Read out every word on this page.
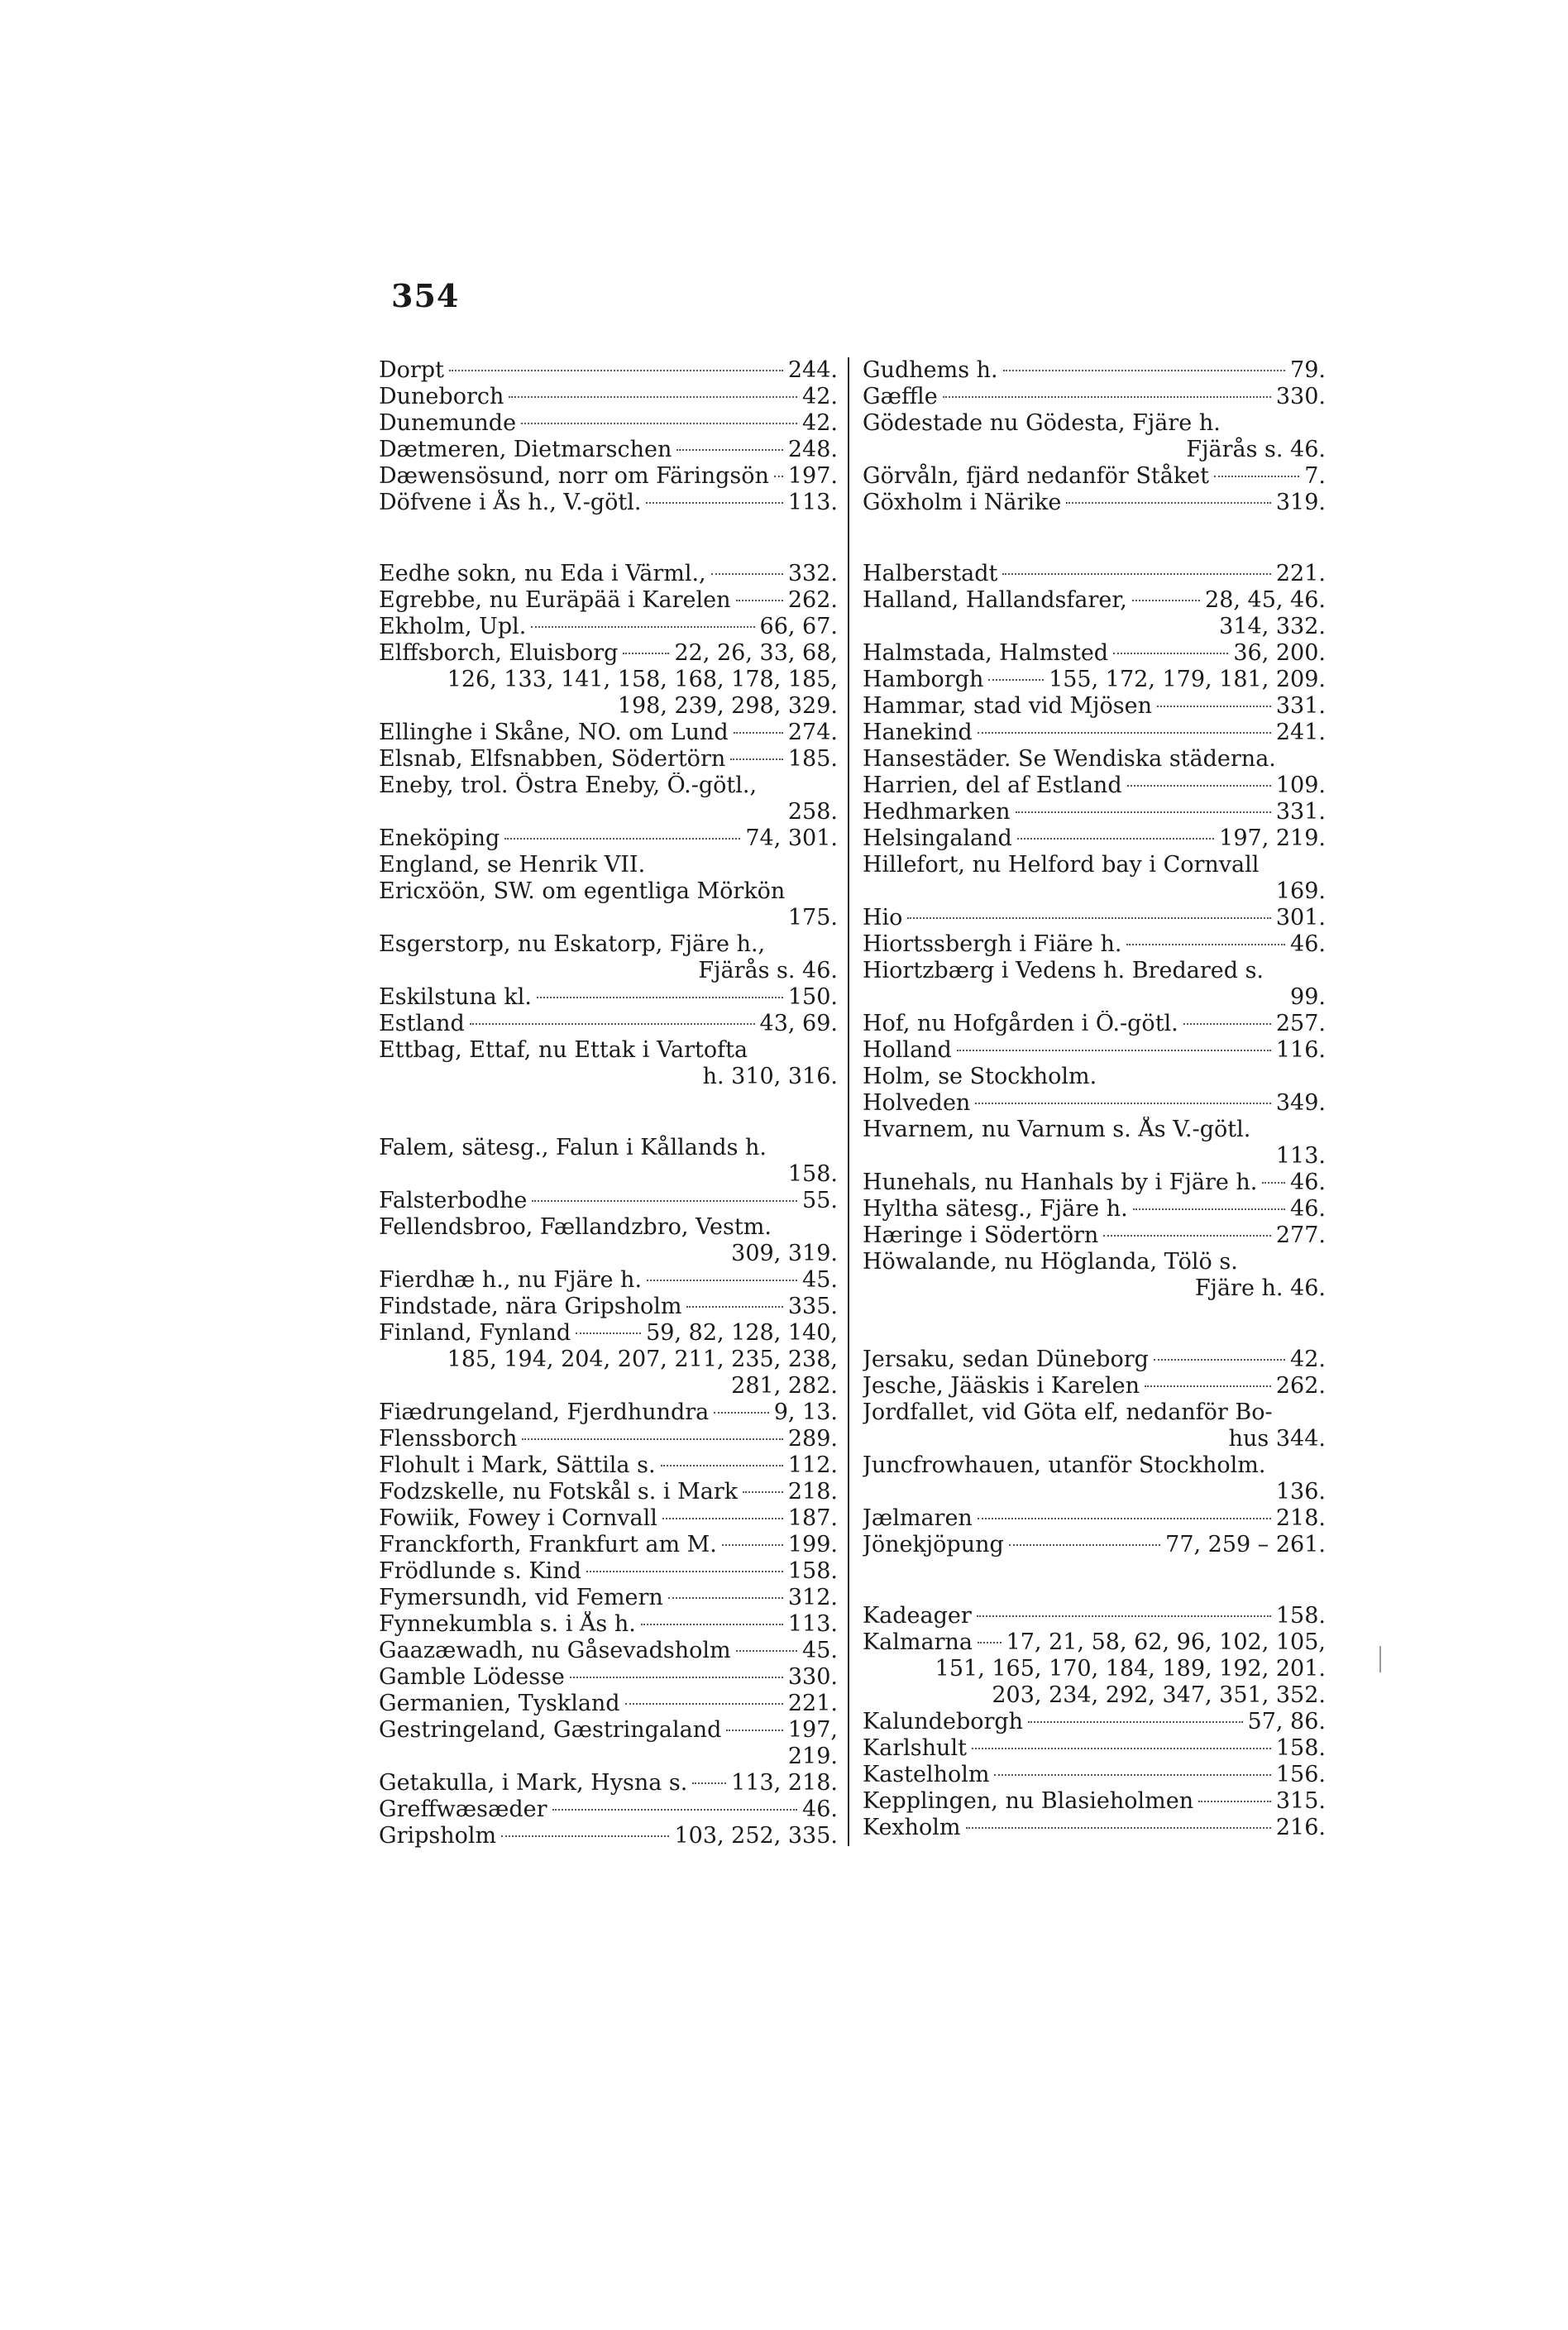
354
Dorpt	244.
Duneborch	42.
Dunemunde	42.
Dætmeren, Dietmarschen	248.
Dæwensösund, norr om Färingsön 197.
Döfvene i Ås h., V.-götl.	113.
Eedhe sokn, nu Eda i Värml.,	332.
Egrebbe, nu Euräpää i Karelen	262.
Ekholm, Upl.	66, 67.
Elffsborch, Eluisborg	22, 26, 33, 68,
126, 133, 141, 158, 168, 178, 185,
198, 239, 298, 329.
Ellinghe i Skåne, NO. om Lund	274.
Elsnab, Elfsnabben, Södertörn	185.
Eneby, trol. Östra Eneby, Ö.-götl.,
258.
Eneköping	74, 301.
England, se Henrik VII.
Ericxöön, SW. om egentliga Mörkön
175.
Esgerstorp, nu Eskatorp, Fjäre h.,
Fjärås s. 46.
Eskilstuna kl.	150.
Estland	43, 69.
Ettbag, Ettaf, nu Ettak i Vartofta
h. 310, 316.
Falem, sätesg., Falun i Kållands h.
158.
Falsterbodhe	55.
Fellendsbroo, Fællandzbro, Vestm.
309, 319.
Fierdhæ h., nu Fjäre h.	45.
Findstade, nära Gripsholm	335.
Finland, Fynland	59, 82, 128, 140,
185, 194, 204, 207, 211, 235, 238,
281, 282.
Fiædrungeland, Fjerdhundra	9, 13.
Flenssborch	289.
Flohult i Mark, Sättila s.	112.
Fodzskelle, nu Fotskål s. i Mark 218.
Fowiik, Fowey i Cornvall	187.
Franckforth, Frankfurt am M.	199.
Frödlunde s. Kind	158.
Fymersundh, vid Femern	312.
Fynnekumbla s. i Ås h.	113.
Gaazæwadh, nu Gåsevadsholm	45.
Gamble Lödesse	330.
Germanien, Tyskland	221.
Gestringeland, Gæstringaland	197,
219.
Getakulla, i Mark, Hysna s. 113, 218.
Greffwæsæder	46.
Gripsholm	103, 252, 335.
Gudhems h.	79.
Gæffle	330.
Gödestade nu Gödesta, Fjäre h.
Fjärås s. 46.
Görvåln, fjärd nedanför Ståket	7.
Göxholm i Närike	319.
Halberstadt	221.
Halland, Hallandsfarer,	28, 45, 46.
314, 332.
Halmstada, Halmsted	36, 200.
Hamborgh	155, 172, 179, 181, 209.
Hammar, stad vid Mjösen	331.
Hanekind	241.
Hansestäder. Se Wendiska städerna.
Harrien, del af Estland	109.
Hedhmarken	331.
Helsingaland	197, 219.
Hillefort, nu Helford bay i Cornvall
169.
Hio	301.
Hiortssbergh i Fiäre h.	46.
Hiortzbærg i Vedens h. Bredared s.
99.
Hof, nu Hofgården i Ö.-götl.	257.
Holland	116.
Holm, se Stockholm.
Holveden	349.
Hvarnem, nu Varnum s. Ås V.-götl.
113.
Hunehals, nu Hanhals by i Fjäre h. 46.
Hyltha sätesg., Fjäre h.	46.
Hæringe i Södertörn	277.
Höwalande, nu Höglanda, Tölö s.
Fjäre h. 46.
Jersaku, sedan Düneborg	42.
Jesche, Jääskis i Karelen	262.
Jordfallet, vid Göta elf, nedanför Bo-
hus 344.
Juncfrowhauen, utanför Stockholm.
136.
Jælmaren	218.
Jönekjöpung	77, 259 – 261.
Kadeager	158.
Kalmarna 17, 21, 58, 62, 96, 102, 105,
151, 165, 170, 184, 189, 192, 201.
203, 234, 292, 347, 351, 352.
Kalundeborgh	57, 86.
Karlshult	158.
Kastelholm	156.
Kepplingen, nu Blasieholmen	315.
Kexholm	216.
